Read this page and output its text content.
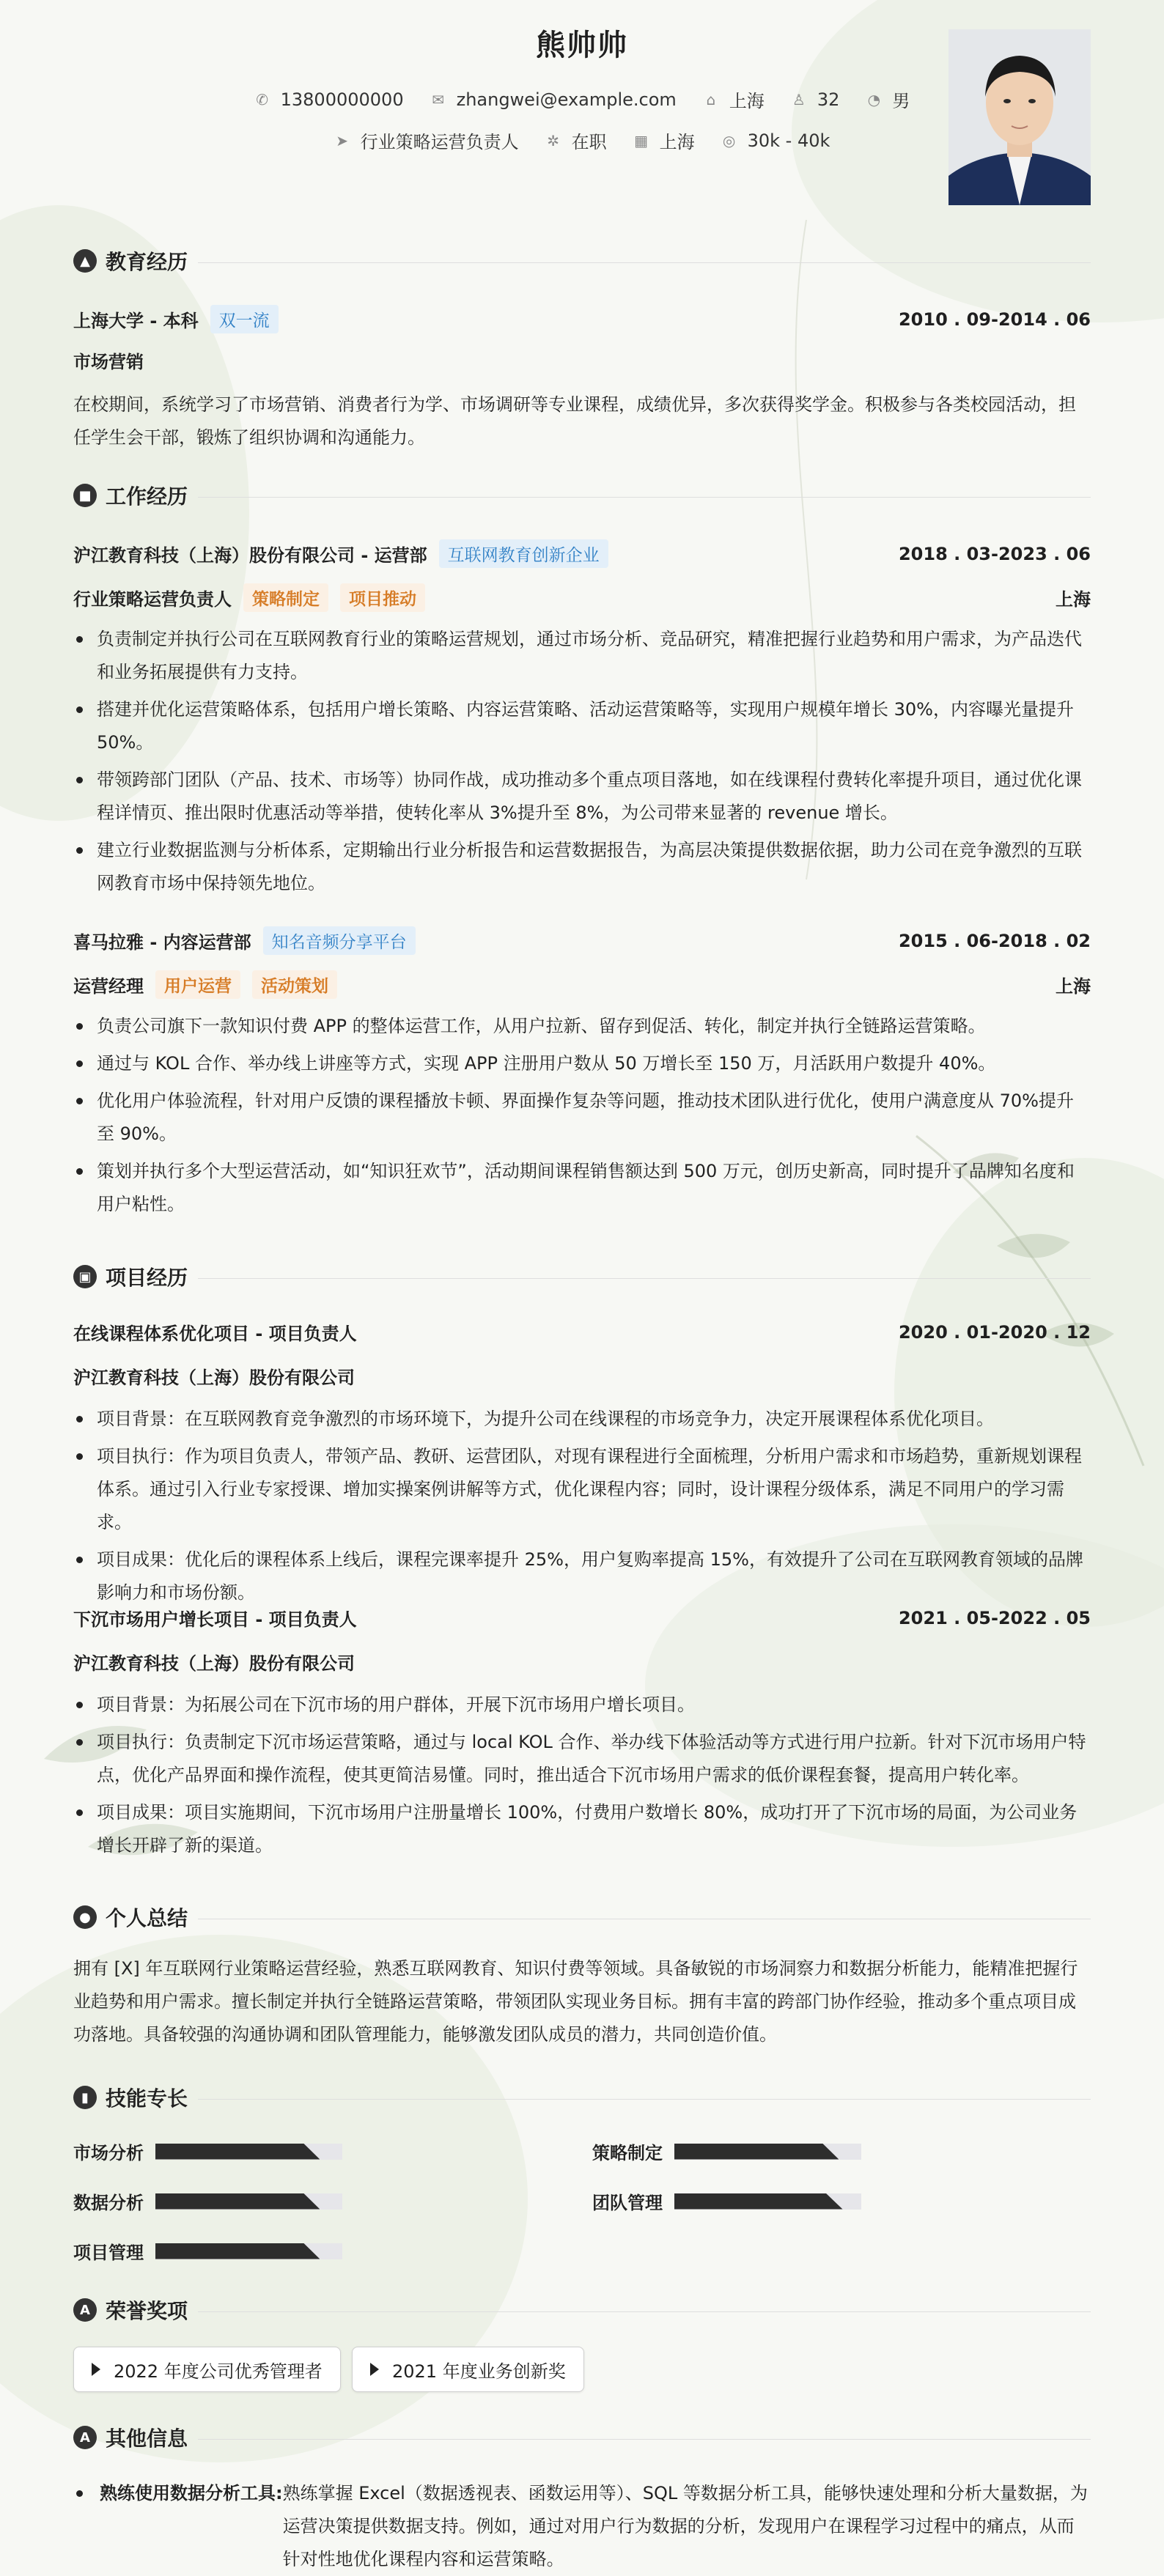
熊帅帅
✆ 13800000000 ✉ zhangwei@example.com ⌂ 上海 ♙ 32 ◔ 男
➤ 行业策略运营负责人 ✲ 在职 ▦ 上海 ◎ 30k - 40k
▲ 教育经历
上海大学 - 本科	双一流	2010 . 09-2014 . 06
市场营销
在校期间，系统学习了市场营销、消费者行为学、市场调研等专业课程，成绩优异，多次获得奖学金。积极参与各类校园活动，担任学生会干部，锻炼了组织协调和沟通能力。
■ 工作经历
沪江教育科技（上海）股份有限公司 - 运营部	互联网教育创新企业	2018 . 03-2023 . 06
行业策略运营负责人	策略制定	项目推动	上海
负责制定并执行公司在互联网教育行业的策略运营规划，通过市场分析、竞品研究，精准把握行业趋势和用户需求，为产品迭代和业务拓展提供有力支持。
搭建并优化运营策略体系，包括用户增长策略、内容运营策略、活动运营策略等，实现用户规模年增长 30%，内容曝光量提升 50%。
带领跨部门团队（产品、技术、市场等）协同作战，成功推动多个重点项目落地，如在线课程付费转化率提升项目，通过优化课程详情页、推出限时优惠活动等举措，使转化率从 3%提升至 8%，为公司带来显著的 revenue 增长。
建立行业数据监测与分析体系，定期输出行业分析报告和运营数据报告，为高层决策提供数据依据，助力公司在竞争激烈的互联网教育市场中保持领先地位。
喜马拉雅 - 内容运营部	知名音频分享平台	2015 . 06-2018 . 02
运营经理	用户运营	活动策划	上海
负责公司旗下一款知识付费 APP 的整体运营工作，从用户拉新、留存到促活、转化，制定并执行全链路运营策略。
通过与 KOL 合作、举办线上讲座等方式，实现 APP 注册用户数从 50 万增长至 150 万，月活跃用户数提升 40%。
优化用户体验流程，针对用户反馈的课程播放卡顿、界面操作复杂等问题，推动技术团队进行优化，使用户满意度从 70%提升至 90%。
策划并执行多个大型运营活动，如“知识狂欢节”，活动期间课程销售额达到 500 万元，创历史新高，同时提升了品牌知名度和用户粘性。
▣ 项目经历
在线课程体系优化项目 - 项目负责人	2020 . 01-2020 . 12
沪江教育科技（上海）股份有限公司
项目背景：在互联网教育竞争激烈的市场环境下，为提升公司在线课程的市场竞争力，决定开展课程体系优化项目。
项目执行：作为项目负责人，带领产品、教研、运营团队，对现有课程进行全面梳理，分析用户需求和市场趋势，重新规划课程体系。通过引入行业专家授课、增加实操案例讲解等方式，优化课程内容；同时，设计课程分级体系，满足不同用户的学习需求。
项目成果：优化后的课程体系上线后，课程完课率提升 25%，用户复购率提高 15%，有效提升了公司在互联网教育领域的品牌影响力和市场份额。
下沉市场用户增长项目 - 项目负责人	2021 . 05-2022 . 05
沪江教育科技（上海）股份有限公司
项目背景：为拓展公司在下沉市场的用户群体，开展下沉市场用户增长项目。
项目执行：负责制定下沉市场运营策略，通过与 local KOL 合作、举办线下体验活动等方式进行用户拉新。针对下沉市场用户特点，优化产品界面和操作流程，使其更简洁易懂。同时，推出适合下沉市场用户需求的低价课程套餐，提高用户转化率。
项目成果：项目实施期间，下沉市场用户注册量增长 100%，付费用户数增长 80%，成功打开了下沉市场的局面，为公司业务增长开辟了新的渠道。
● 个人总结
拥有 [X] 年互联网行业策略运营经验，熟悉互联网教育、知识付费等领域。具备敏锐的市场洞察力和数据分析能力，能精准把握行业趋势和用户需求。擅长制定并执行全链路运营策略，带领团队实现业务目标。拥有丰富的跨部门协作经验，推动多个重点项目成功落地。具备较强的沟通协调和团队管理能力，能够激发团队成员的潜力，共同创造价值。
▮ 技能专长
市场分析	策略制定
数据分析	团队管理
项目管理
A 荣誉奖项
2022 年度公司优秀管理者	2021 年度业务创新奖
A 其他信息
熟练使用数据分析工具: 熟练掌握 Excel（数据透视表、函数运用等）、SQL 等数据分析工具，能够快速处理和分析大量数据，为运营决策提供数据支持。例如，通过对用户行为数据的分析，发现用户在课程学习过程中的痛点，从而针对性地优化课程内容和运营策略。
